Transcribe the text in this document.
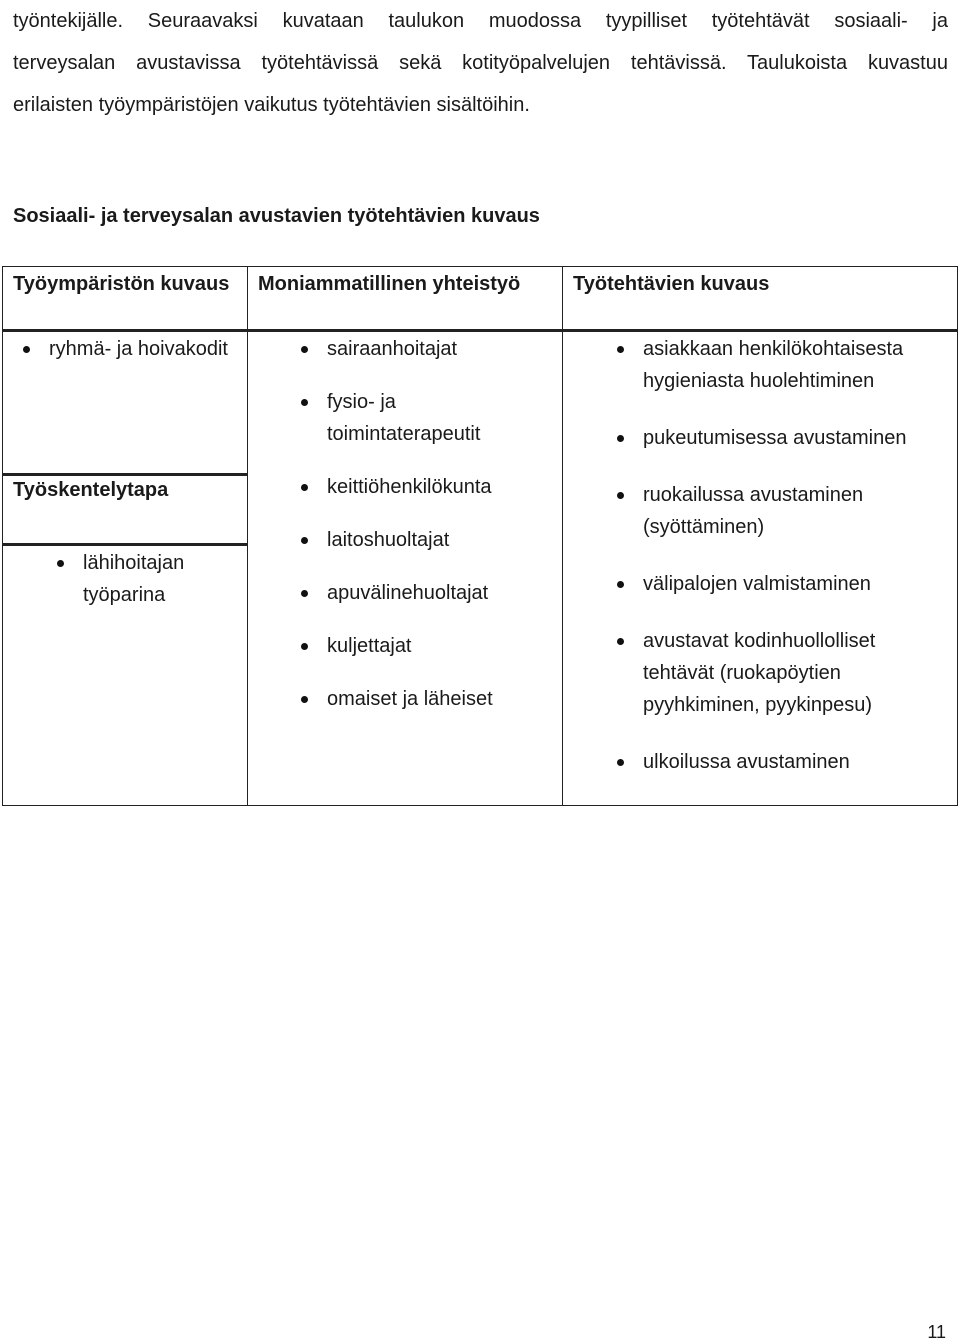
työntekijälle. Seuraavaksi kuvataan taulukon muodossa tyypilliset työtehtävät sosiaali- ja
terveysalan avustavissa työtehtävissä sekä kotityöpalvelujen tehtävissä. Taulukoista kuvastuu
erilaisten työympäristöjen vaikutus työtehtävien sisältöihin.
Sosiaali- ja terveysalan avustavien työtehtävien kuvaus
Työympäristön kuvaus Moniammatillinen yhteistyö	Työtehtävien kuvaus
ryhmä- ja hoivakodit
Työskentelytapa
lähihoitajan työparina
sairaanhoitajat
fysio- ja toimintaterapeutit
keittiöhenkilökunta
laitoshuoltajat
apuvälinehuoltajat
kuljettajat
omaiset ja läheiset
asiakkaan henkilökohtaisesta hygieniasta huolehtiminen
pukeutumisessa avustaminen
ruokailussa avustaminen (syöttäminen)
välipalojen valmistaminen
avustavat kodinhuollolliset tehtävät (ruokapöytien pyyhkiminen, pyykinpesu)
ulkoilussa avustaminen
11
